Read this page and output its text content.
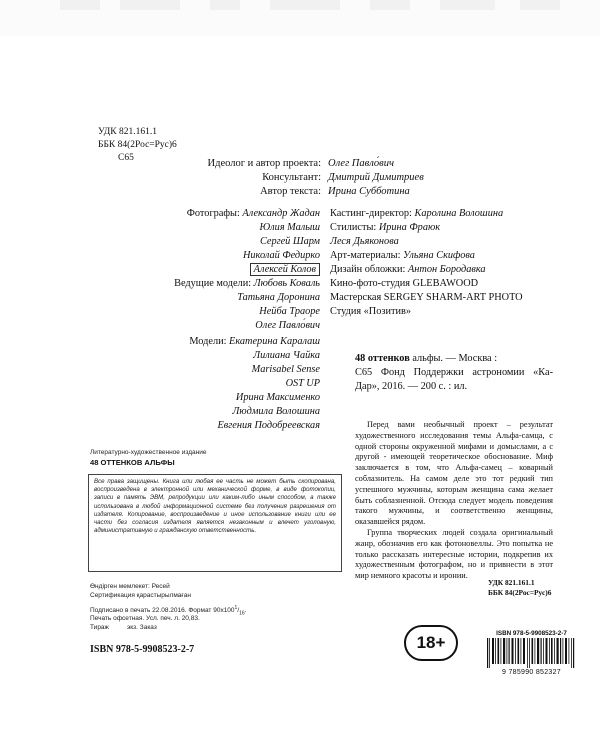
УДК 821.161.1
ББК 84(2Рос=Рус)6
С65	Идеолог и автор проекта: Олег Павло́вич
Консультант: Дмитрий Димитриев
Автор текста: Ирина Субботина
Фотографы: Александр Жадан
Юлия Малыш
Сергей Шарм
Николай Федирко
Алексей Колов
Ведущие модели: Любовь Коваль
Татьяна Доронина
Нейба Траоре
Олег Павло́вич
Модели: Екатерина Каралаш
Лилиана Чайка
Marisabel Sense
OST UP
Ирина Максименко
Людмила Волошина
Евгения Подобреевская
Кастинг-директор: Каролина Волошина
Стилисты: Ирина Фраюк
Леся Дьяконова
Арт-материалы: Ульяна Скифова
Дизайн обложки: Антон Бородавка
Кино-фото-студия GLEBAWOOD
Мастерская SERGEY SHARM-ART PHOTO
Студия «Позитив»
Литературно-художественное издание
48 ОТТЕНКОВ АЛЬФЫ
Все права защищены. Книга или любая ее часть не может быть скопирована, воспроизведена в электронной или механической форме, в виде фотокопии, записи в память ЭВМ, репродукции или каким-либо иным способом, а также использована в любой информационной системе без получения разрешения от издателя. Копирование, воспроизведение и иное использование книги или ее части без согласия издателя является незаконным и влечет уголовную, административную и гражданскую ответственность.
Өндірген мемлекет: Ресей
Сертификация қарастырылмаған
Подписано в печать 22.08.2016. Формат $90х100^1/_{16}$.
Печать офсетная. Усл. печ. л. 20,83.
Тираж          экз. Заказ
ISBN 978-5-9908523-2-7
48 оттенков альфы. — Москва :
С65 Фонд Поддержки астрономии «Ка-Дар», 2016. — 200 с. : ил.

Перед вами необычный проект – результат художественного исследования темы Альфа-самца, с одной стороны окруженной мифами и домыслами, а с другой - имеющей теоретическое обоснование. Миф заключается в том, что Альфа-самец – коварный соблазнитель. На самом деле это тот редкий тип успешного мужчины, которым женщина сама желает быть соблазненной. Отсюда следует модель поведения такого мужчины, и соответственно женщины, оказавшейся рядом.

Группа творческих людей создала оригинальный жанр, обозначив его как фотоновеллы. Это попытка не только рассказать интересные истории, подкрепив их художественным фотографом, но и привнести в этот мир немного красоты и иронии.

УДК 821.161.1
ББК 84(2Рос=Рус)6
18+	ISBN 978-5-9908523-2-7
9 785990 852327
